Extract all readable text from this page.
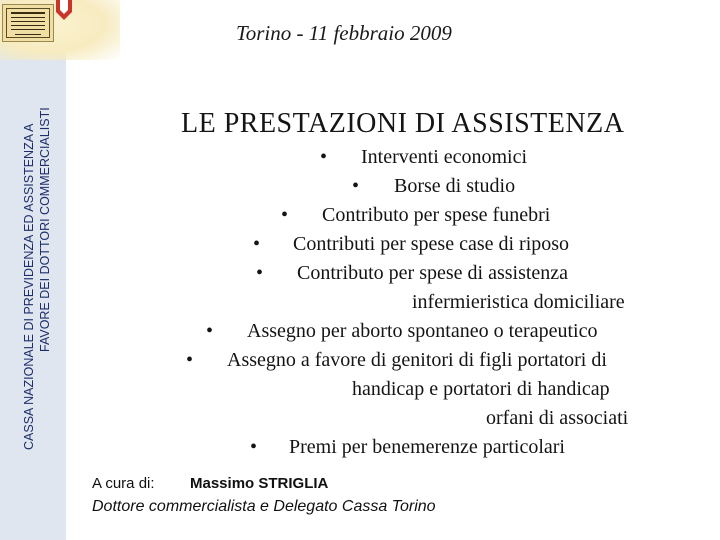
CASSA NAZIONALE DI PREVIDENZA ED ASSISTENZA A FAVORE DEI DOTTORI COMMERCIALISTI
Torino - 11 febbraio 2009
LE PRESTAZIONI DI ASSISTENZA
• Interventi economici
• Borse di studio
• Contributo per spese funebri
• Contributi per spese case di riposo
• Contributo per spese di assistenza
infermieristica domiciliare
• Assegno per aborto spontaneo o terapeutico
• Assegno a favore di genitori di figli portatori di
handicap e portatori di handicap
orfani di associati
• Premi per benemerenze particolari
A cura di: Massimo STRIGLIA
Dottore commercialista e Delegato Cassa Torino
